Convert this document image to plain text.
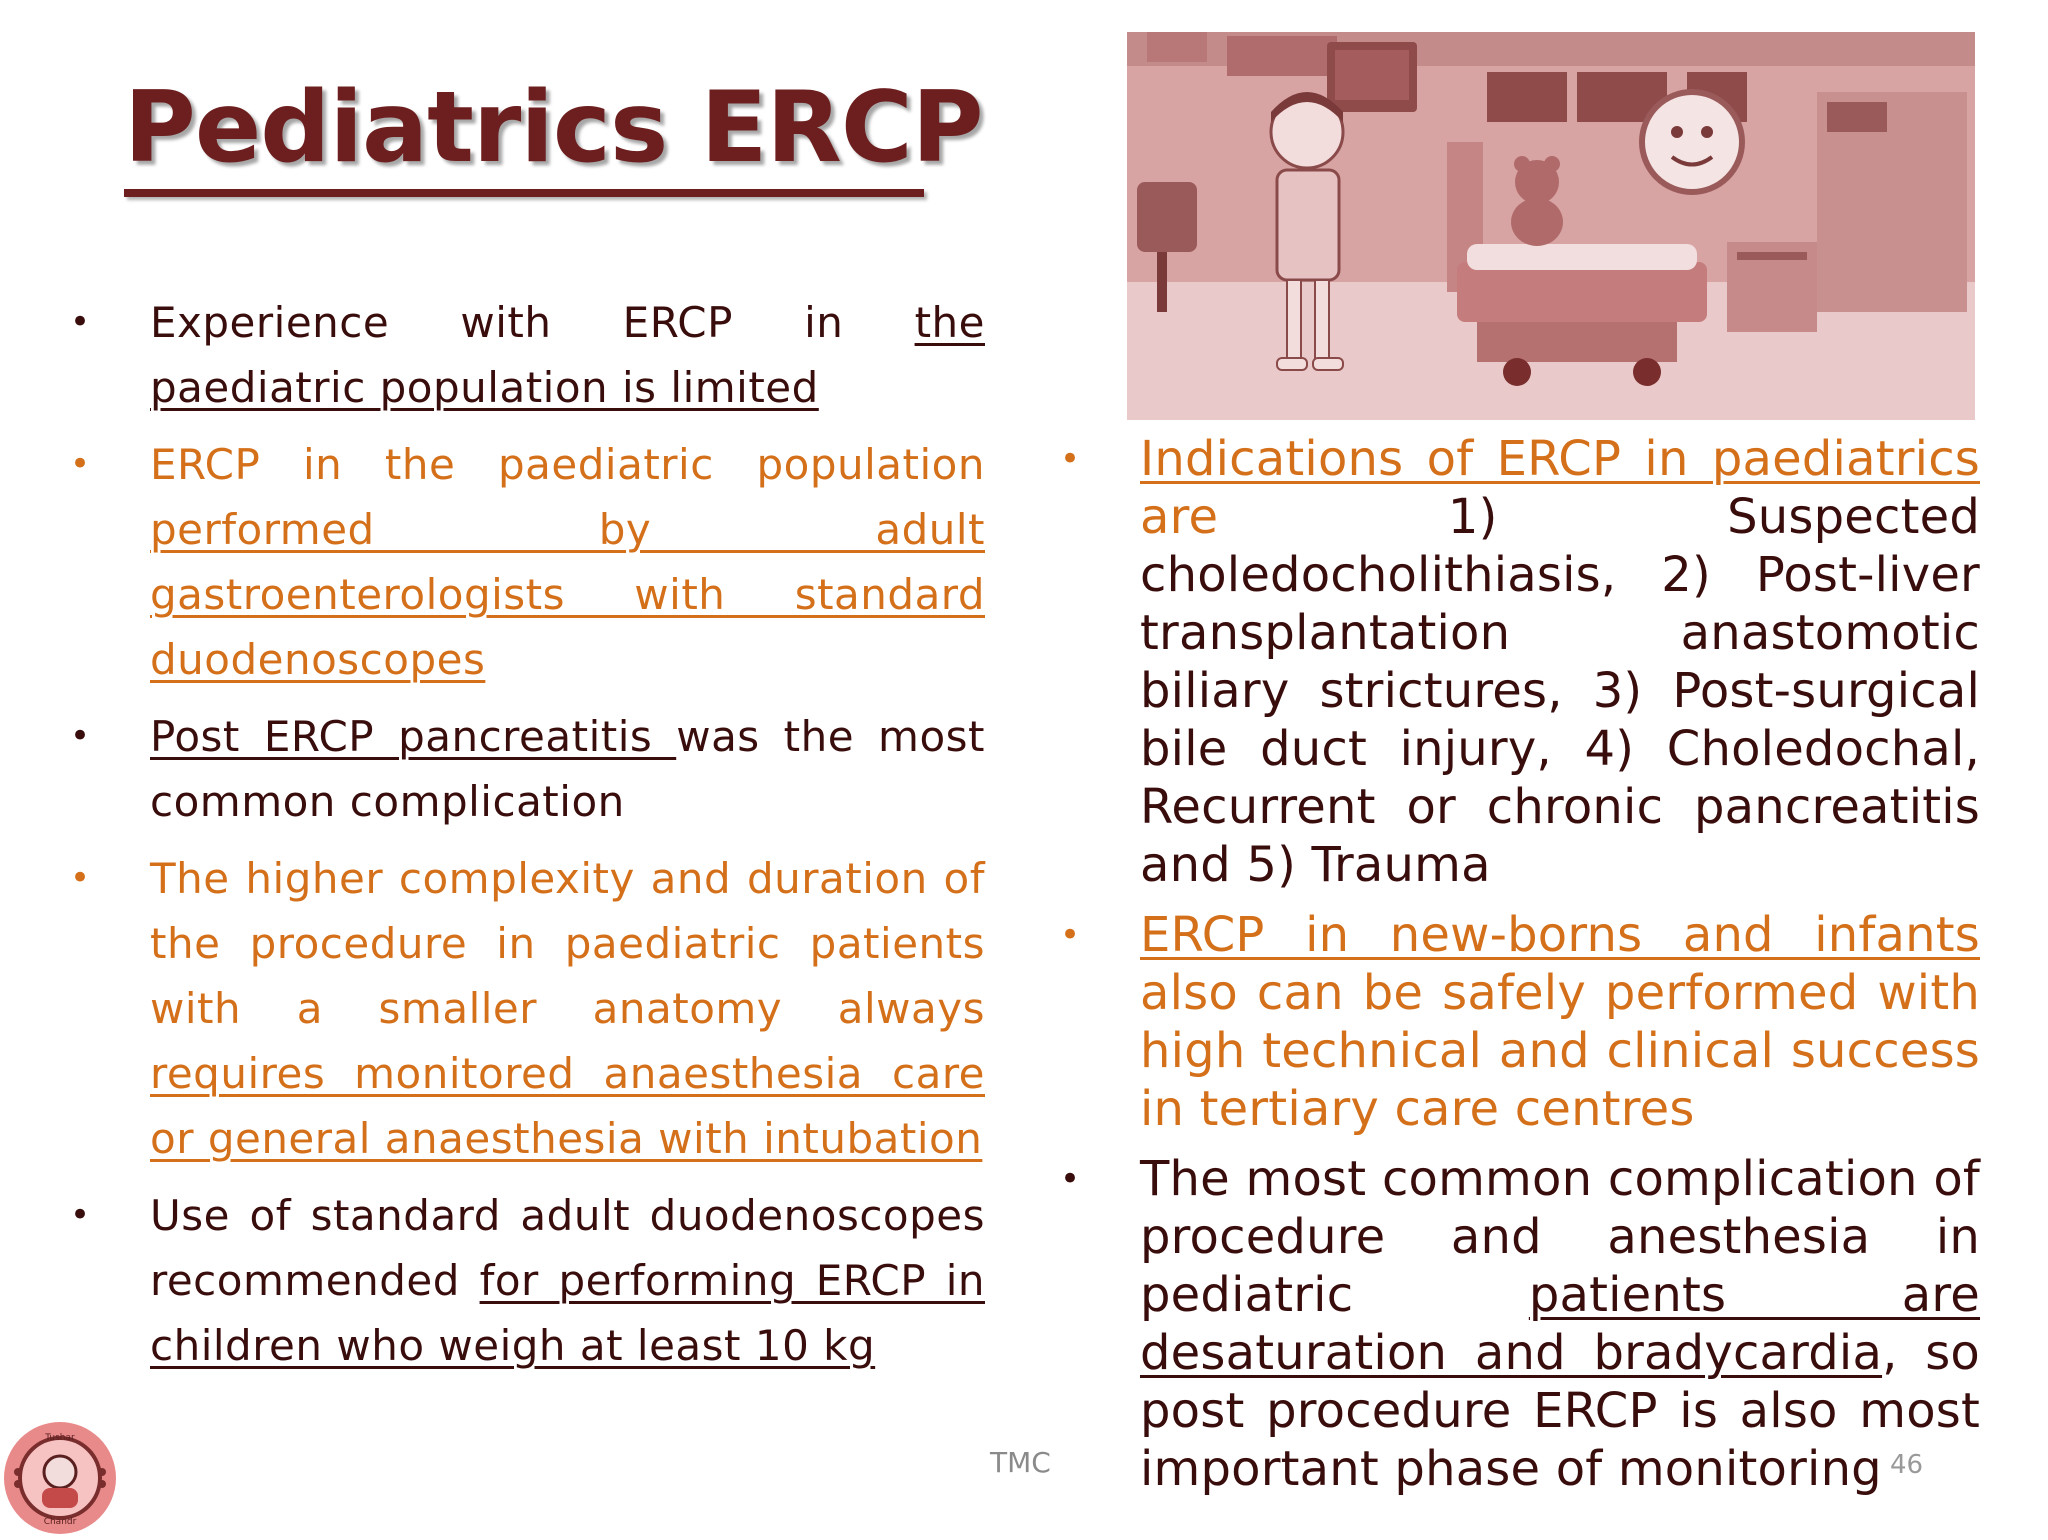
Pediatrics ERCP
• Experience with ERCP in the paediatric population is limited
• ERCP in the paediatric population performed by adult gastroenterologists with standard duodenoscopes
• Post ERCP pancreatitis was the most common complication
• The higher complexity and duration of the procedure in paediatric patients with a smaller anatomy always requires monitored anaesthesia care or general anaesthesia with intubation
• Use of standard adult duodenoscopes recommended for performing ERCP in children who weigh at least 10 kg
• Indications of ERCP in paediatrics are 1) Suspected choledocholithiasis, 2) Post-liver transplantation anastomotic biliary strictures, 3) Post-surgical bile duct injury, 4) Choledochal, Recurrent or chronic pancreatitis and 5) Trauma
• ERCP in new-borns and infants also can be safely performed with high technical and clinical success in tertiary care centres
• The most common complication of procedure and anesthesia in pediatric patients are desaturation and bradycardia, so post procedure ERCP is also most important phase of monitoring
TMC	46
Tushar
Chandr
